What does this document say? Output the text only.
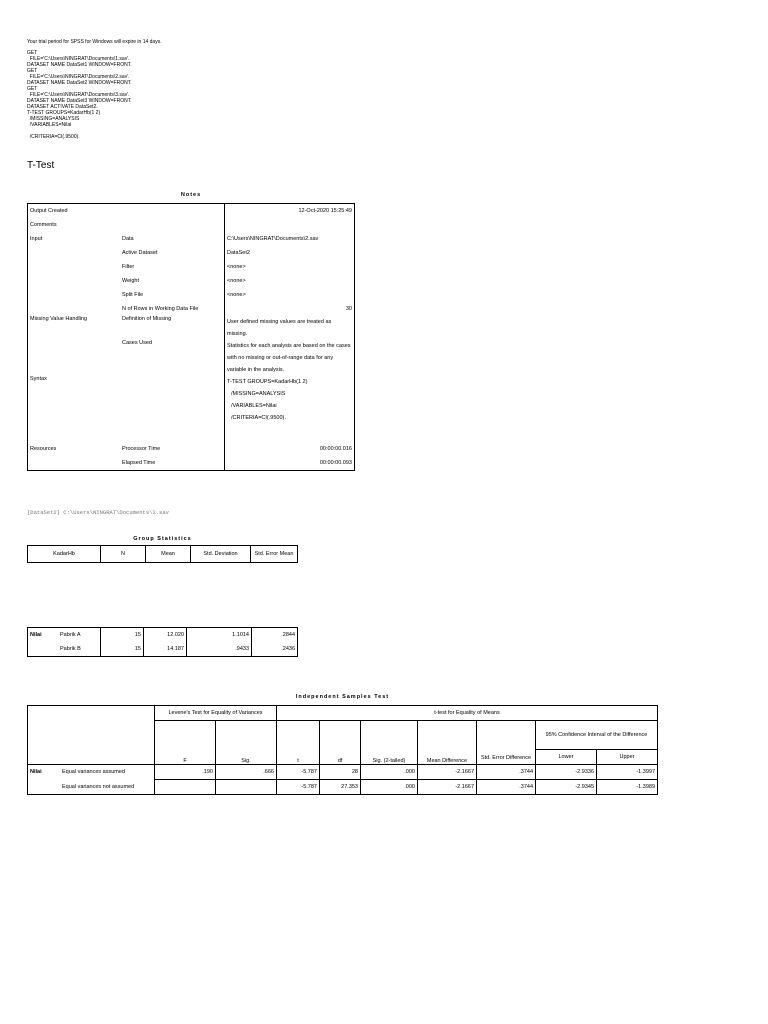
Your trial period for SPSS for Windows will expire in 14 days.
GET
FILE='C:\Users\NINGRAT\Documents\1.sav'.
DATASET NAME DataSet1 WINDOW=FRONT.
GET
FILE='C:\Users\NINGRAT\Documents\2.sav'.
DATASET NAME DataSet2 WINDOW=FRONT.
GET
FILE='C:\Users\NINGRAT\Documents\3.sav'.
DATASET NAME DataSet3 WINDOW=FRONT.
DATASET ACTIVATE DataSet2.
T-TEST GROUPS=KadarHb(1 2)
/MISSING=ANALYSIS
/VARIABLES=Nilai

/CRITERIA=CI(.9500).
T-Test
Notes
Output Created		12-Oct-2020 15:25:49
Comments		
Input	Data	C:\Users\NINGRAT\Documents\2.sav
	Active Dataset	DataSet2
	Filter	<none>
	Weight	<none>
	Split File	<none>
	N of Rows in Working Data File	30
Missing Value Handling	Definition of Missing	User defined missing values are treated as missing.
	Cases Used	Statistics for each analysis are based on the cases with no missing or out-of-range data for any variable in the analysis.
Syntax		T-TEST GROUPS=KadarHb(1 2)
/MISSING=ANALYSIS
/VARIABLES=Nilai
/CRITERIA=CI(.9500).

Resources	Processor Time	00:00:00.016
	Elapsed Time	00:00:00.093
[DataSet2] C:\Users\NINGRAT\Documents\2.sav
Group Statistics
KadarHb	N	Mean	Std. Deviation	Std. Error Mean
Nilai	Pabrik A	15	12.020	1.1014	.2844
	Pabrik B	15	14.187	.9433	.2436
Independent Samples Test
		Levene's Test for Equality of Variances		t-test for Equality of Means						
		F	Sig.	t	df	Sig. (2-tailed)	Mean Difference	Std. Error Difference	95% Confidence Interval of the Difference	
									Lower	Upper
Nilai	Equal variances assumed	.190	.666	-5.787	28	.000	-2.1667	.3744	-2.9336	-1.3997
	Equal variances not assumed			-5.787	27.353	.000	-2.1667	.3744	-2.9345	-1.3989
